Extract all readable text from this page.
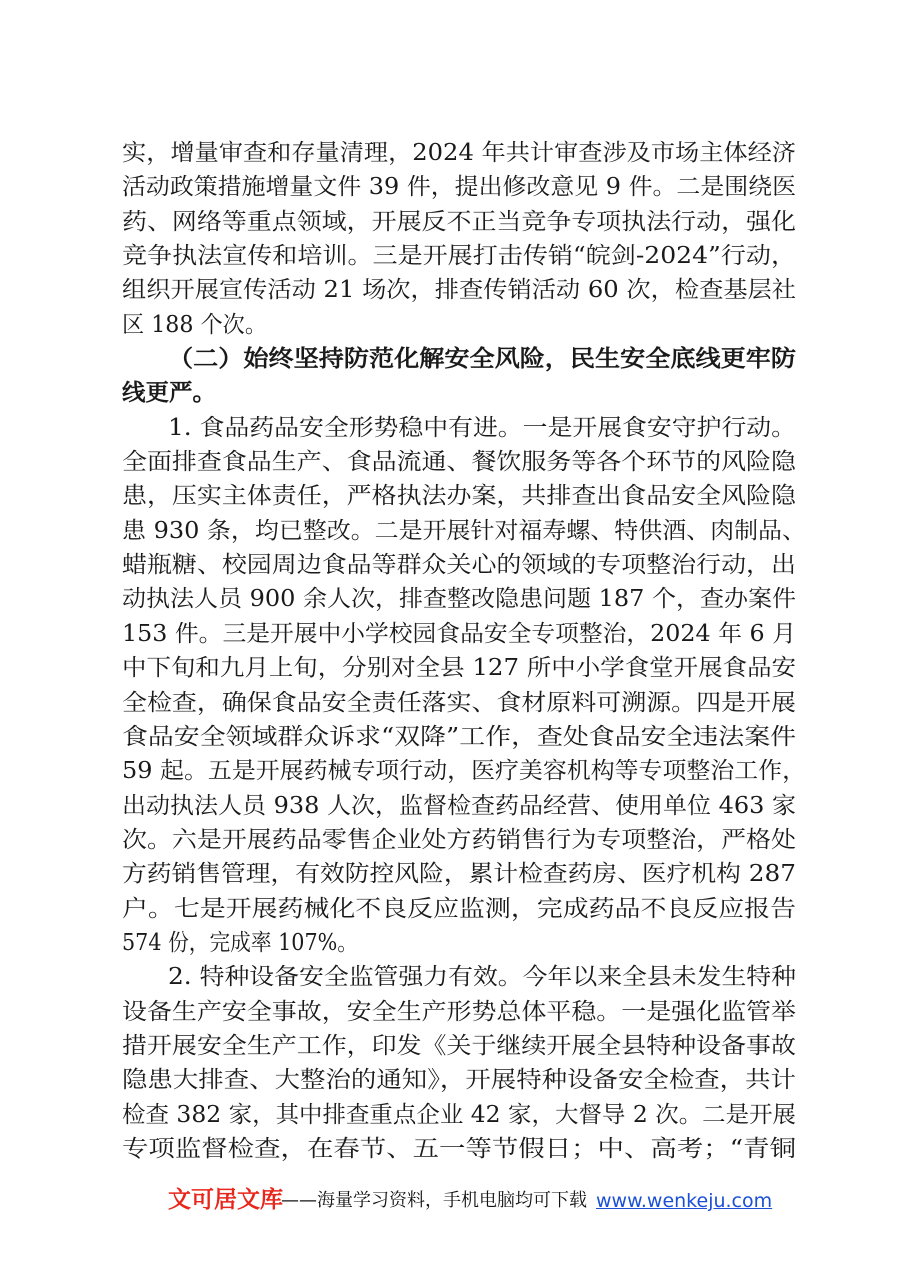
实，增量审查和存量清理，2024 年共计审查涉及市场主体经济
活动政策措施增量文件 39 件，提出修改意见 9 件。二是围绕医
药、网络等重点领域，开展反不正当竞争专项执法行动，强化
竞争执法宣传和培训。三是开展打击传销“皖剑-2024”行动，
组织开展宣传活动 21 场次，排查传销活动 60 次，检查基层社
区 188 个次。
（二）始终坚持防范化解安全风险，民生安全底线更牢防
线更严。
1. 食品药品安全形势稳中有进。一是开展食安守护行动。
全面排查食品生产、食品流通、餐饮服务等各个环节的风险隐
患，压实主体责任，严格执法办案，共排查出食品安全风险隐
患 930 条，均已整改。二是开展针对福寿螺、特供酒、肉制品、
蜡瓶糖、校园周边食品等群众关心的领域的专项整治行动，出
动执法人员 900 余人次，排查整改隐患问题 187 个，查办案件
153 件。三是开展中小学校园食品安全专项整治，2024 年 6 月
中下旬和九月上旬，分别对全县 127 所中小学食堂开展食品安
全检查，确保食品安全责任落实、食材原料可溯源。四是开展
食品安全领域群众诉求“双降”工作，查处食品安全违法案件
59 起。五是开展药械专项行动，医疗美容机构等专项整治工作，
出动执法人员 938 人次，监督检查药品经营、使用单位 463 家
次。六是开展药品零售企业处方药销售行为专项整治，严格处
方药销售管理，有效防控风险，累计检查药房、医疗机构 287
户。七是开展药械化不良反应监测，完成药品不良反应报告
574 份，完成率 107%。
2. 特种设备安全监管强力有效。今年以来全县未发生特种
设备生产安全事故，安全生产形势总体平稳。一是强化监管举
措开展安全生产工作，印发《关于继续开展全县特种设备事故
隐患大排查、大整治的通知》，开展特种设备安全检查，共计
检查 382 家，其中排查重点企业 42 家，大督导 2 次。二是开展
专项监督检查，在春节、五一等节假日；中、高考；“青铜
文可居文库
——海量学习资料，手机电脑均可下载 www.wenkeju.com
